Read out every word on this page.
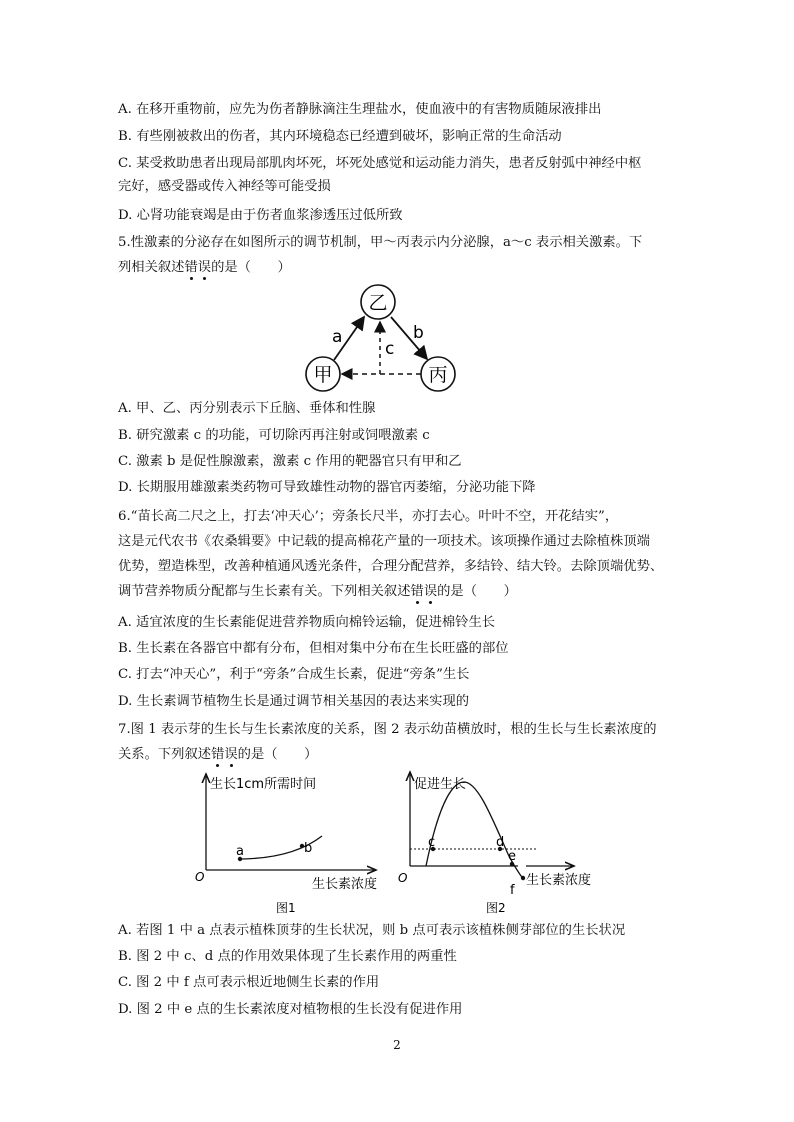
A. 在移开重物前，应先为伤者静脉滴注生理盐水，使血液中的有害物质随尿液排出
B. 有些刚被救出的伤者，其内环境稳态已经遭到破坏，影响正常的生命活动
C. 某受救助患者出现局部肌肉坏死，坏死处感觉和运动能力消失，患者反射弧中神经中枢
完好，感受器或传入神经等可能受损
D. 心肾功能衰竭是由于伤者血浆渗透压过低所致
5.性激素的分泌存在如图所示的调节机制，甲～丙表示内分泌腺，a～c 表示相关激素。下
列相关叙述错误的是（　　）
乙
甲	丙
a	b
c
A. 甲、乙、丙分别表示下丘脑、垂体和性腺
B. 研究激素 c 的功能，可切除丙再注射或饲喂激素 c
C. 激素 b 是促性腺激素，激素 c 作用的靶器官只有甲和乙
D. 长期服用雄激素类药物可导致雄性动物的器官丙萎缩，分泌功能下降
6.“苗长高二尺之上，打去‘冲天心’；旁条长尺半，亦打去心。叶叶不空，开花结实”，
这是元代农书《农桑辑要》中记载的提高棉花产量的一项技术。该项操作通过去除植株顶端
优势，塑造株型，改善种植通风透光条件，合理分配营养，多结铃、结大铃。去除顶端优势、
调节营养物质分配都与生长素有关。下列相关叙述错误的是（　　）
A. 适宜浓度的生长素能促进营养物质向棉铃运输，促进棉铃生长
B. 生长素在各器官中都有分布，但相对集中分布在生长旺盛的部位
C. 打去“冲天心”，利于“旁条”合成生长素，促进“旁条”生长
D. 生长素调节植物生长是通过调节相关基因的表达来实现的
7.图 1 表示芽的生长与生长素浓度的关系，图 2 表示幼苗横放时，根的生长与生长素浓度的
关系。下列叙述错误的是（　　）
生长1cm所需时间
O
a	b
生长素浓度
图1
促进生长
O
c	d
e
f
生长素浓度
图2
A. 若图 1 中 a 点表示植株顶芽的生长状况，则 b 点可表示该植株侧芽部位的生长状况
B. 图 2 中 c、d 点的作用效果体现了生长素作用的两重性
C. 图 2 中 f 点可表示根近地侧生长素的作用
D. 图 2 中 e 点的生长素浓度对植物根的生长没有促进作用
2
